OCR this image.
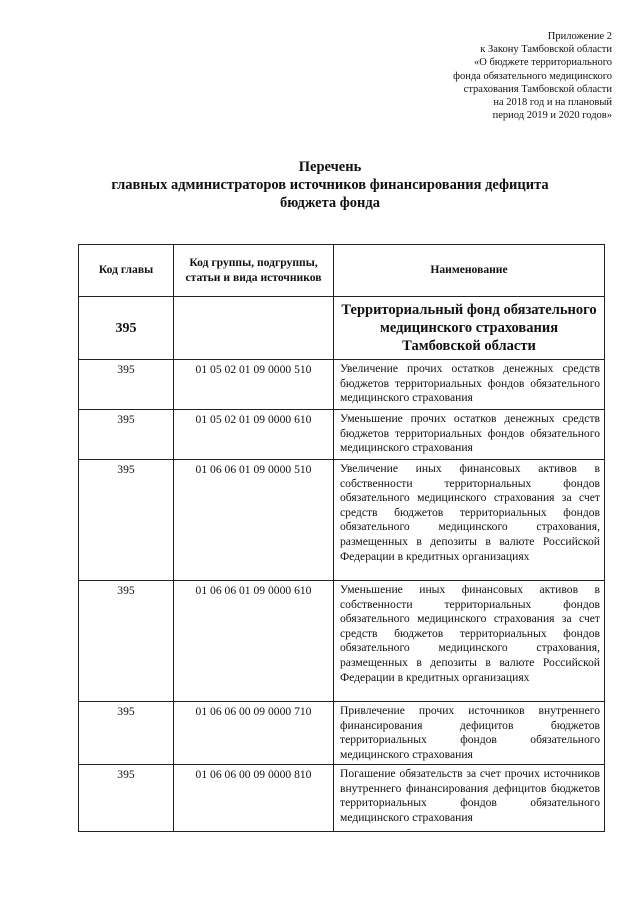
Приложение 2
к Закону Тамбовской области
«О бюджете территориального
фонда обязательного медицинского
страхования Тамбовской области
на 2018 год и на плановый
период 2019 и 2020 годов»
Перечень
главных администраторов источников финансирования дефицита
бюджета фонда
Код главы	Код группы, подгруппы, статьи и вида источников	Наименование
395		Территориальный фонд обязательного медицинского страхования Тамбовской области
395	01 05 02 01 09 0000 510	Увеличение прочих остатков денежных средств бюджетов территориальных фондов обязательного медицинского страхования
395	01 05 02 01 09 0000 610	Уменьшение прочих остатков денежных средств бюджетов территориальных фондов обязательного медицинского страхования
395	01 06 06 01 09 0000 510	Увеличение иных финансовых активов в собственности территориальных фондов обязательного медицинского страхования за счет средств бюджетов территориальных фондов обязательного медицинского страхования, размещенных в депозиты в валюте Российской Федерации в кредитных организациях
395	01 06 06 01 09 0000 610	Уменьшение иных финансовых активов в собственности территориальных фондов обязательного медицинского страхования за счет средств бюджетов территориальных фондов обязательного медицинского страхования, размещенных в депозиты в валюте Российской Федерации в кредитных организациях
395	01 06 06 00 09 0000 710	Привлечение прочих источников внутреннего финансирования дефицитов бюджетов территориальных фондов обязательного медицинского страхования
395	01 06 06 00 09 0000 810	Погашение обязательств за счет прочих источников внутреннего финансирования дефицитов бюджетов территориальных фондов обязательного медицинского страхования
